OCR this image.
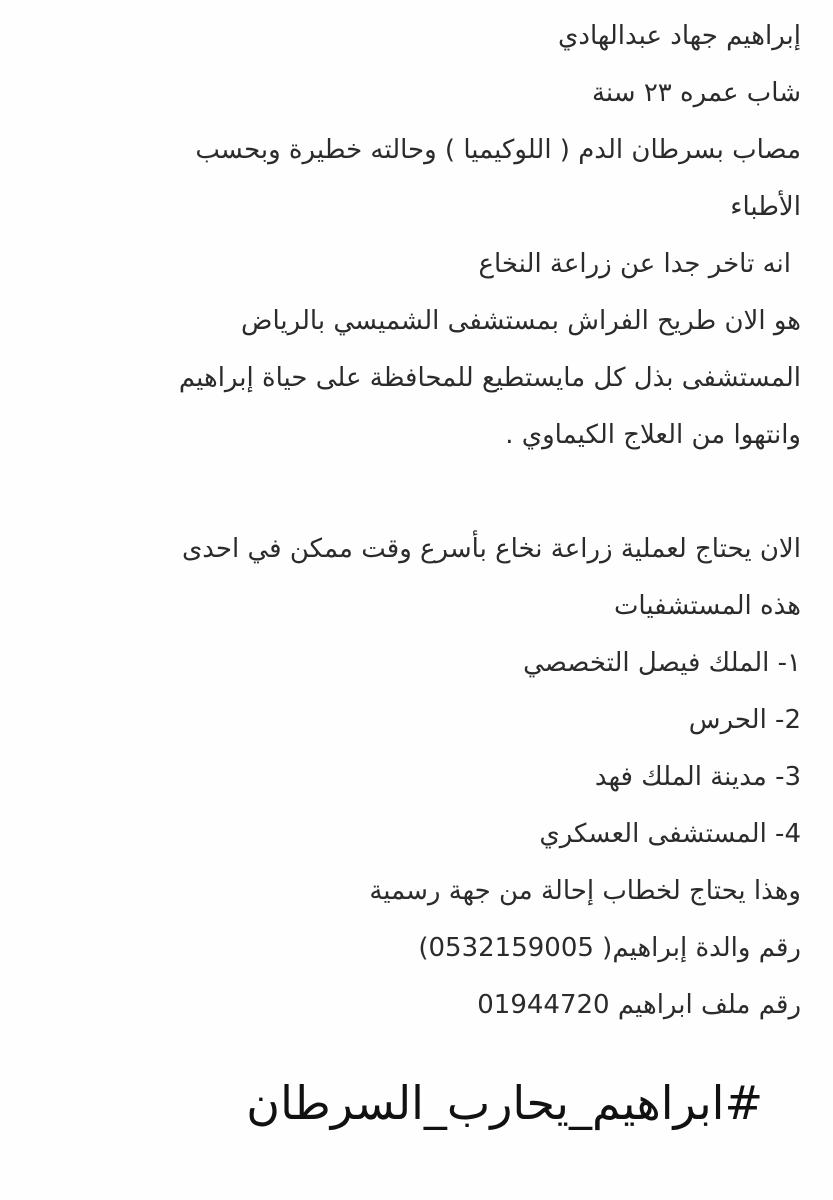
إبراهيم جهاد عبدالهادي
شاب عمره ٢٣ سنة
مصاب بسرطان الدم ( اللوكيميا ) وحالته خطيرة وبحسب
الأطباء
انه تاخر جدا عن زراعة النخاع
هو الان طريح الفراش بمستشفى الشميسي بالرياض
المستشفى بذل كل مايستطيع للمحافظة على حياة إبراهيم
وانتهوا من العلاج الكيماوي .
الان يحتاج لعملية زراعة نخاع بأسرع وقت ممكن في احدى
هذه المستشفيات
١- الملك فيصل التخصصي
2- الحرس
3- مدينة الملك فهد
4- المستشفى العسكري
وهذا يحتاج لخطاب إحالة من جهة رسمية
رقم والدة إبراهيم( 0532159005)
رقم ملف ابراهيم 01944720
#ابراهيم_يحارب_السرطان
